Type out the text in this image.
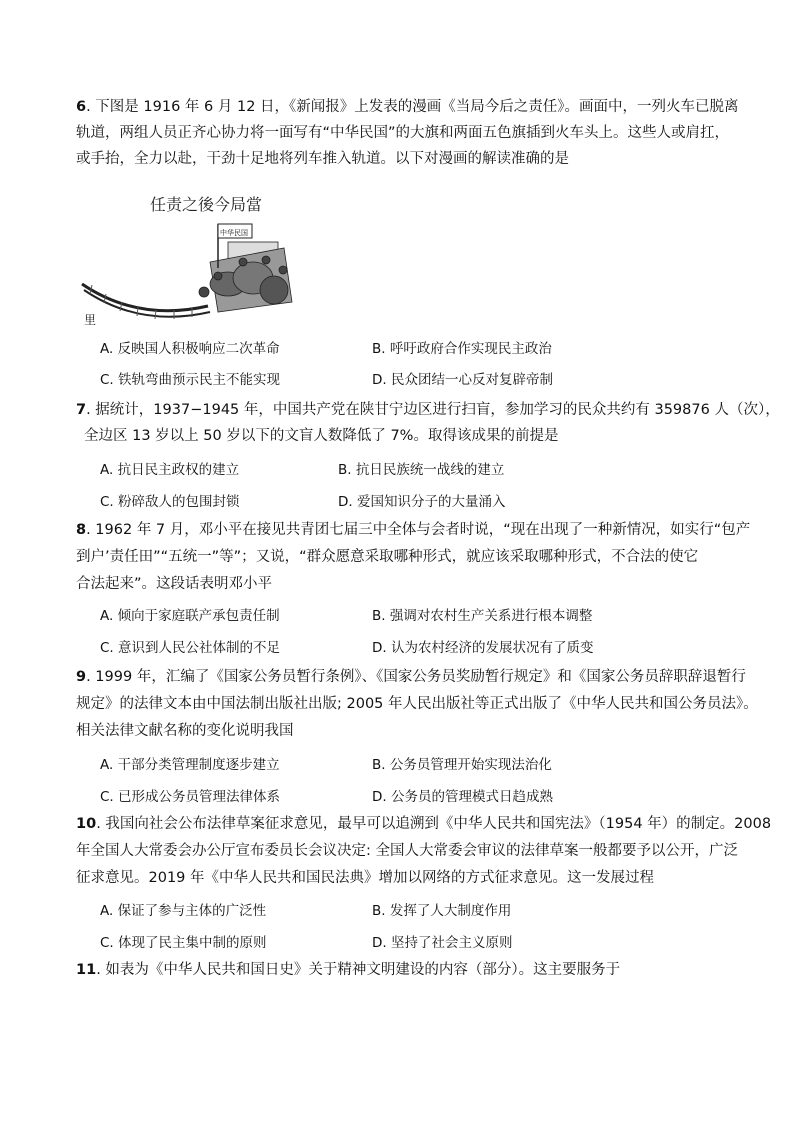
6. 下图是 1916 年 6 月 12 日，《新闻报》上发表的漫画《当局今后之责任》。画面中，一列火车已脱离
轨道，两组人员正齐心协力将一面写有“中华民国”的大旗和两面五色旗插到火车头上。这些人或肩扛，
或手抬，全力以赴，干劲十足地将列车推入轨道。以下对漫画的解读准确的是
任责之後今局當
中华民国
里
A. 反映国人积极响应二次革命	B. 呼吁政府合作实现民主政治
C. 铁轨弯曲预示民主不能实现	D. 民众团结一心反对复辟帝制
7. 据统计，1937−1945 年，中国共产党在陕甘宁边区进行扫盲，参加学习的民众共约有 359876 人（次），
全边区 13 岁以上 50 岁以下的文盲人数降低了 7%。取得该成果的前提是
A. 抗日民主政权的建立	B. 抗日民族统一战线的建立
C. 粉碎敌人的包围封锁	D. 爱国知识分子的大量涌入
8. 1962 年 7 月，邓小平在接见共青团七届三中全体与会者时说，“现在出现了一种新情况，如实行“包产
到户’责任田”“五统一”等”；又说，“群众愿意采取哪种形式，就应该采取哪种形式，不合法的使它
合法起来”。这段话表明邓小平
A. 倾向于家庭联产承包责任制	B. 强调对农村生产关系进行根本调整
C. 意识到人民公社体制的不足	D. 认为农村经济的发展状况有了质变
9. 1999 年，汇编了《国家公务员暂行条例》、《国家公务员奖励暂行规定》和《国家公务员辞职辞退暂行
规定》的法律文本由中国法制出版社出版; 2005 年人民出版社等正式出版了《中华人民共和国公务员法》。
相关法律文献名称的变化说明我国
A. 干部分类管理制度逐步建立	B. 公务员管理开始实现法治化
C. 已形成公务员管理法律体系	D. 公务员的管理模式日趋成熟
10. 我国向社会公布法律草案征求意见，最早可以追溯到《中华人民共和国宪法》（1954 年）的制定。2008
年全国人大常委会办公厅宣布委员长会议决定: 全国人大常委会审议的法律草案一般都要予以公开，广泛
征求意见。2019 年《中华人民共和国民法典》增加以网络的方式征求意见。这一发展过程
A. 保证了参与主体的广泛性	B. 发挥了人大制度作用
C. 体现了民主集中制的原则	D. 坚持了社会主义原则
11. 如表为《中华人民共和国日史》关于精神文明建设的内容（部分）。这主要服务于
